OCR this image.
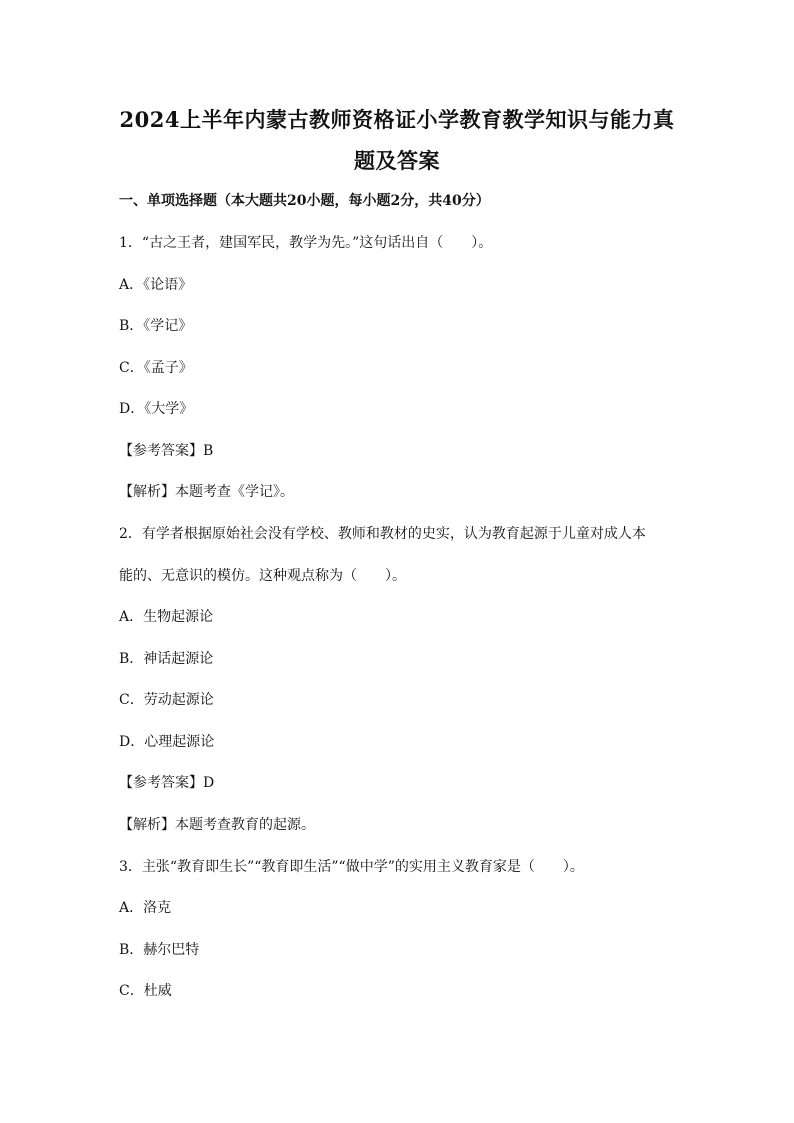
2024上半年内蒙古教师资格证小学教育教学知识与能力真
题及答案
一、单项选择题（本大题共20小题，每小题2分，共40分）
1．“古之王者，建国军民，教学为先。”这句话出自（　　）。
A．《论语》
B．《学记》
C．《孟子》
D．《大学》
【参考答案】B
【解析】本题考查《学记》。
2．有学者根据原始社会没有学校、教师和教材的史实，认为教育起源于儿童对成人本
能的、无意识的模仿。这种观点称为（　　）。
A．生物起源论
B．神话起源论
C．劳动起源论
D．心理起源论
【参考答案】D
【解析】本题考查教育的起源。
3．主张“教育即生长”“教育即生活”“做中学”的实用主义教育家是（　　）。
A．洛克
B．赫尔巴特
C．杜威
